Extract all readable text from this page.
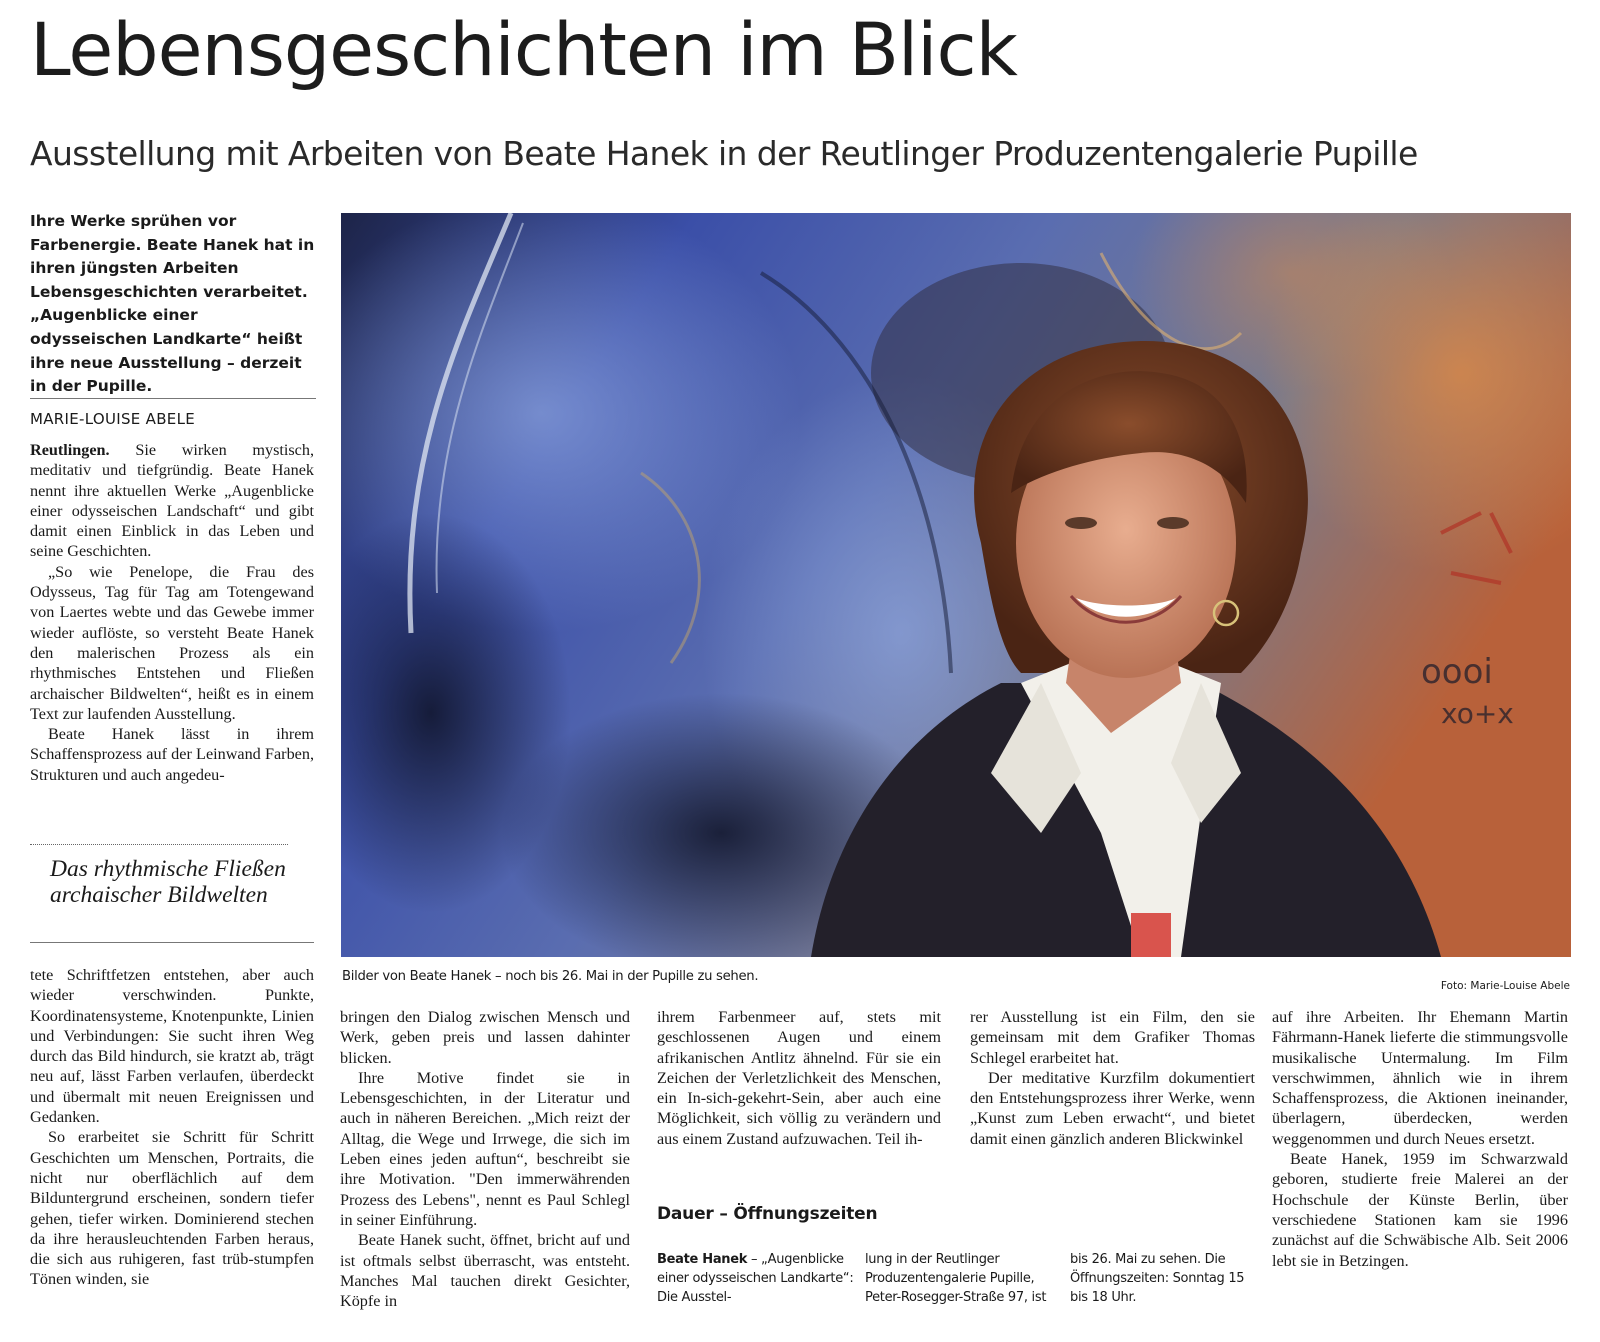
Lebensgeschichten im Blick
Ausstellung mit Arbeiten von Beate Hanek in der Reutlinger Produzentengalerie Pupille
Ihre Werke sprühen vor Farbenergie. Beate Hanek hat in ihren jüngsten Arbeiten Lebensgeschichten verarbeitet. „Augenblicke einer odysseischen Landkarte“ heißt ihre neue Ausstellung – derzeit in der Pupille.
MARIE-LOUISE ABELE

Reutlingen. Sie wirken mystisch, meditativ und tiefgründig. Beate Hanek nennt ihre aktuellen Werke „Augenblicke einer odysseischen Landschaft“ und gibt damit einen Einblick in das Leben und seine Geschichten.

„So wie Penelope, die Frau des Odysseus, Tag für Tag am Totengewand von Laertes webte und das Gewebe immer wieder auflöste, so versteht Beate Hanek den malerischen Prozess als ein rhythmisches Entstehen und Fließen archaischer Bildwelten“, heißt es in einem Text zur laufenden Ausstellung.

Beate Hanek lässt in ihrem Schaffensprozess auf der Leinwand Farben, Strukturen und auch angedeu-

Das rhythmische Fließen archaischer Bildwelten

tete Schriftfetzen entstehen, aber auch wieder verschwinden. Punkte, Koordinatensysteme, Knotenpunkte, Linien und Verbindungen: Sie sucht ihren Weg durch das Bild hindurch, sie kratzt ab, trägt neu auf, lässt Farben verlaufen, überdeckt und übermalt mit neuen Ereignissen und Gedanken.

So erarbeitet sie Schritt für Schritt Geschichten um Menschen, Portraits, die nicht nur oberflächlich auf dem Bilduntergrund erscheinen, sondern tiefer gehen, tiefer wirken. Dominierend stechen da ihre herausleuchtenden Farben heraus, die sich aus ruhigeren, fast trüb-stumpfen Tönen winden, sie

oooi
xo+x
Bilder von Beate Hanek – noch bis 26. Mai in der Pupille zu sehen.
Foto: Marie-Louise Abele

bringen den Dialog zwischen Mensch und Werk, geben preis und lassen dahinter blicken.

Ihre Motive findet sie in Lebensgeschichten, in der Literatur und auch in näheren Bereichen. „Mich reizt der Alltag, die Wege und Irrwege, die sich im Leben eines jeden auftun“, beschreibt sie ihre Motivation. "Den immerwährenden Prozess des Lebens", nennt es Paul Schlegl in seiner Einführung.

Beate Hanek sucht, öffnet, bricht auf und ist oftmals selbst überrascht, was entsteht. Manches Mal tauchen direkt Gesichter, Köpfe in

ihrem Farbenmeer auf, stets mit geschlossenen Augen und einem afrikanischen Antlitz ähnelnd. Für sie ein Zeichen der Verletzlichkeit des Menschen, ein In-sich-gekehrt-Sein, aber auch eine Möglichkeit, sich völlig zu verändern und aus einem Zustand aufzuwachen. Teil ih-

rer Ausstellung ist ein Film, den sie gemeinsam mit dem Grafiker Thomas Schlegel erarbeitet hat.

Der meditative Kurzfilm dokumentiert den Entstehungsprozess ihrer Werke, wenn „Kunst zum Leben erwacht“, und bietet damit einen gänzlich anderen Blickwinkel

auf ihre Arbeiten. Ihr Ehemann Martin Fährmann-Hanek lieferte die stimmungsvolle musikalische Untermalung. Im Film verschwimmen, ähnlich wie in ihrem Schaffensprozess, die Aktionen ineinander, überlagern, überdecken, werden weggenommen und durch Neues ersetzt.

Beate Hanek, 1959 im Schwarzwald geboren, studierte freie Malerei an der Hochschule der Künste Berlin, über verschiedene Stationen kam sie 1996 zunächst auf die Schwäbische Alb. Seit 2006 lebt sie in Betzingen.

Dauer – Öffnungszeiten
Beate Hanek – „Augenblicke einer odysseischen Landkarte“: Die Ausstel-
lung in der Reutlinger Produzentengalerie Pupille, Peter-Rosegger-Straße 97, ist
bis 26. Mai zu sehen. Die Öffnungszeiten: Sonntag 15 bis 18 Uhr.
